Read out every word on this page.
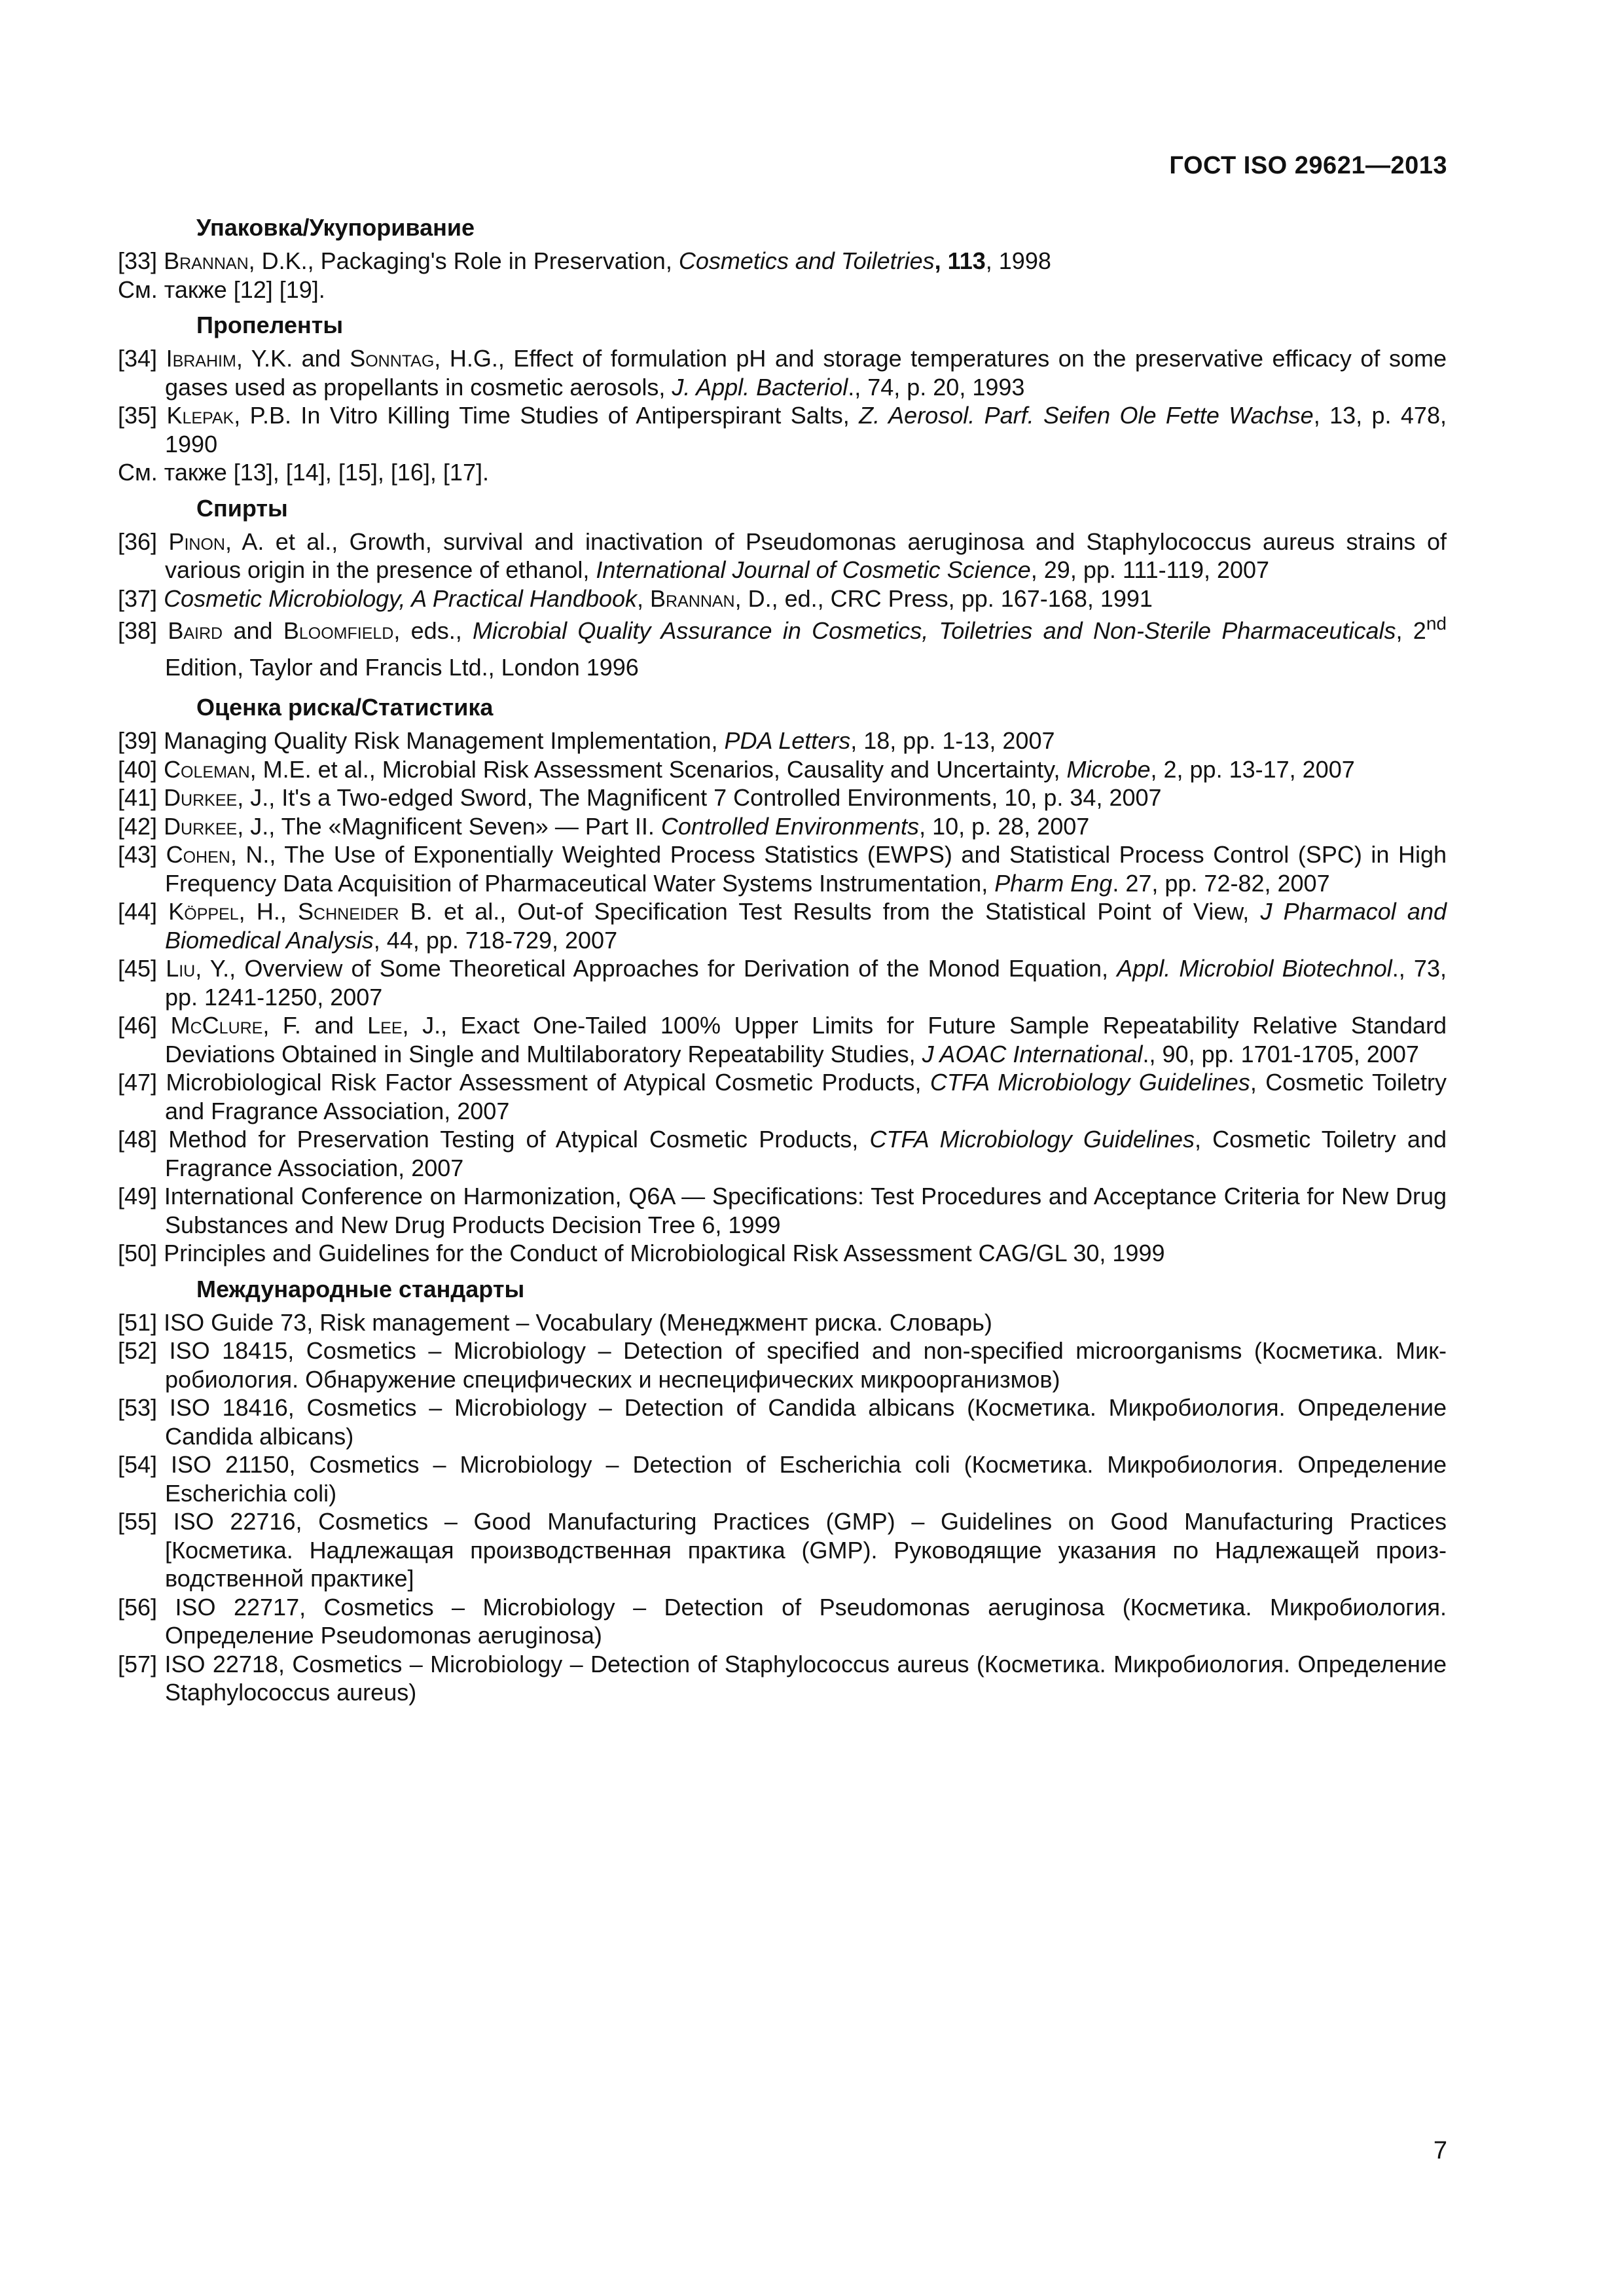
ГОСТ ISO 29621—2013
Упаковка/Укупоривание
[33] Brannan, D.K., Packaging's Role in Preservation, Cosmetics and Toiletries, 113, 1998
См. также [12] [19].
Пропеленты
[34] Ibrahim, Y.K. and Sonntag, H.G., Effect of formulation pH and storage temperatures on the preservative efficacy of some gases used as propellants in cosmetic aerosols, J. Appl. Bacteriol., 74, p. 20, 1993
[35] Klepak, P.B. In Vitro Killing Time Studies of Antiperspirant Salts, Z. Aerosol. Parf. Seifen Ole Fette Wachse, 13, p. 478, 1990
См. также [13], [14], [15], [16], [17].
Спирты
[36] Pinon, A. et al., Growth, survival and inactivation of Pseudomonas aeruginosa and Staphylococcus aureus strains of various origin in the presence of ethanol, International Journal of Cosmetic Science, 29, pp. 111-119, 2007
[37] Cosmetic Microbiology, A Practical Handbook, Brannan, D., ed., CRC Press, pp. 167-168, 1991
[38] Baird and Bloomfield, eds., Microbial Quality Assurance in Cosmetics, Toiletries and Non-Sterile Pharmaceuticals, 2nd Edition, Taylor and Francis Ltd., London 1996
Оценка риска/Статистика
[39] Managing Quality Risk Management Implementation, PDA Letters, 18, pp. 1-13, 2007
[40] Coleman, M.E. et al., Microbial Risk Assessment Scenarios, Causality and Uncertainty, Microbe, 2, pp. 13-17, 2007
[41] Durkee, J., It's a Two-edged Sword, The Magnificent 7 Controlled Environments, 10, p. 34, 2007
[42] Durkee, J., The «Magnificent Seven» — Part II. Controlled Environments, 10, p. 28, 2007
[43] Cohen, N., The Use of Exponentially Weighted Process Statistics (EWPS) and Statistical Process Control (SPC) in High Frequency Data Acquisition of Pharmaceutical Water Systems Instrumentation, Pharm Eng. 27, pp. 72-82, 2007
[44] Köppel, H., Schneider B. et al., Out-of Specification Test Results from the Statistical Point of View, J Pharmacol and Biomedical Analysis, 44, pp. 718-729, 2007
[45] Liu, Y., Overview of Some Theoretical Approaches for Derivation of the Monod Equation, Appl. Microbiol Biotechnol., 73, pp. 1241-1250, 2007
[46] McClure, F. and Lee, J., Exact One-Tailed 100% Upper Limits for Future Sample Repeatability Relative Standard Deviations Obtained in Single and Multilaboratory Repeatability Studies, J AOAC International., 90, pp. 1701-1705, 2007
[47] Microbiological Risk Factor Assessment of Atypical Cosmetic Products, CTFA Microbiology Guidelines, Cosmetic Toiletry and Fragrance Association, 2007
[48] Method for Preservation Testing of Atypical Cosmetic Products, CTFA Microbiology Guidelines, Cosmetic Toiletry and Fragrance Association, 2007
[49] International Conference on Harmonization, Q6A — Specifications: Test Procedures and Acceptance Criteria for New Drug Substances and New Drug Products Decision Tree 6, 1999
[50] Principles and Guidelines for the Conduct of Microbiological Risk Assessment CAG/GL 30, 1999
Международные стандарты
[51] ISO Guide 73, Risk management – Vocabulary (Менеджмент риска. Словарь)
[52] ISO 18415, Cosmetics – Microbiology – Detection of specified and non-specified microorganisms (Косметика. Микробиология. Обнаружение специфических и неспецифических микроорганизмов)
[53] ISO 18416, Cosmetics – Microbiology – Detection of Candida albicans (Косметика. Микробиология. Определение Candida albicans)
[54] ISO 21150, Cosmetics – Microbiology – Detection of Escherichia coli (Косметика. Микробиология. Определение Escherichia coli)
[55] ISO 22716, Cosmetics – Good Manufacturing Practices (GMP) – Guidelines on Good Manufacturing Practices [Косметика. Надлежащая производственная практика (GMP). Руководящие указания по Надлежащей производственной практике]
[56] ISO 22717, Cosmetics – Microbiology – Detection of Pseudomonas aeruginosa (Косметика. Микробиология. Определение Pseudomonas aeruginosa)
[57] ISO 22718, Cosmetics – Microbiology – Detection of Staphylococcus aureus (Косметика. Микробиология. Определение Staphylococcus aureus)
7
